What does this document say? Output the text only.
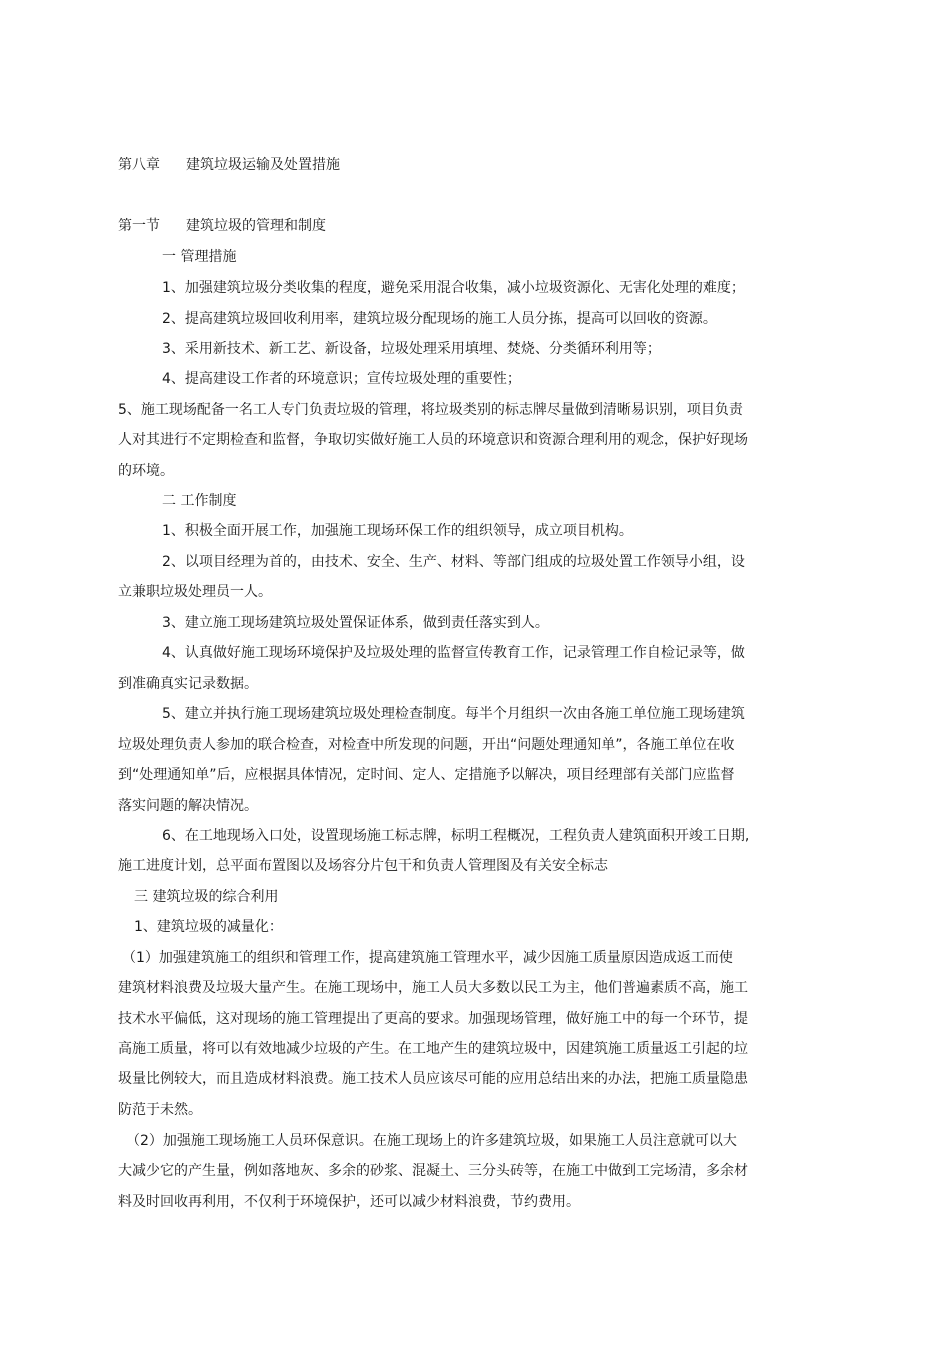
第八章 建筑垃圾运输及处置措施
第一节 建筑垃圾的管理和制度

一 管理措施

1、加强建筑垃圾分类收集的程度，避免采用混合收集，减小垃圾资源化、无害化处理的难度；

2、提高建筑垃圾回收利用率，建筑垃圾分配现场的施工人员分拣，提高可以回收的资源。

3、采用新技术、新工艺、新设备，垃圾处理采用填埋、焚烧、分类循环利用等；

4、提高建设工作者的环境意识；宣传垃圾处理的重要性；

5、施工现场配备一名工人专门负责垃圾的管理，将垃圾类别的标志牌尽量做到清晰易识别，项目负责

人对其进行不定期检查和监督，争取切实做好施工人员的环境意识和资源合理利用的观念，保护好现场

的环境。

二 工作制度

1、积极全面开展工作，加强施工现场环保工作的组织领导，成立项目机构。

2、以项目经理为首的，由技术、安全、生产、材料、等部门组成的垃圾处置工作领导小组，设

立兼职垃圾处理员一人。

3、建立施工现场建筑垃圾处置保证体系，做到责任落实到人。

4、认真做好施工现场环境保护及垃圾处理的监督宣传教育工作，记录管理工作自检记录等，做

到准确真实记录数据。

5、建立并执行施工现场建筑垃圾处理检查制度。每半个月组织一次由各施工单位施工现场建筑

垃圾处理负责人参加的联合检查，对检查中所发现的问题，开出“问题处理通知单”，各施工单位在收

到“处理通知单”后，应根据具体情况，定时间、定人、定措施予以解决，项目经理部有关部门应监督

落实问题的解决情况。

6、在工地现场入口处，设置现场施工标志牌，标明工程概况，工程负责人建筑面积开竣工日期,

施工进度计划，总平面布置图以及场容分片包干和负责人管理图及有关安全标志

三 建筑垃圾的综合利用

1、建筑垃圾的减量化：

（1）加强建筑施工的组织和管理工作，提高建筑施工管理水平，减少因施工质量原因造成返工而使

建筑材料浪费及垃圾大量产生。在施工现场中，施工人员大多数以民工为主，他们普遍素质不高，施工

技术水平偏低，这对现场的施工管理提出了更高的要求。加强现场管理，做好施工中的每一个环节，提

高施工质量，将可以有效地减少垃圾的产生。在工地产生的建筑垃圾中，因建筑施工质量返工引起的垃

圾量比例较大，而且造成材料浪费。施工技术人员应该尽可能的应用总结出来的办法，把施工质量隐患

防范于未然。

（2）加强施工现场施工人员环保意识。在施工现场上的许多建筑垃圾，如果施工人员注意就可以大

大减少它的产生量，例如落地灰、多余的砂浆、混凝土、三分头砖等，在施工中做到工完场清，多余材

料及时回收再利用，不仅利于环境保护，还可以减少材料浪费，节约费用。
